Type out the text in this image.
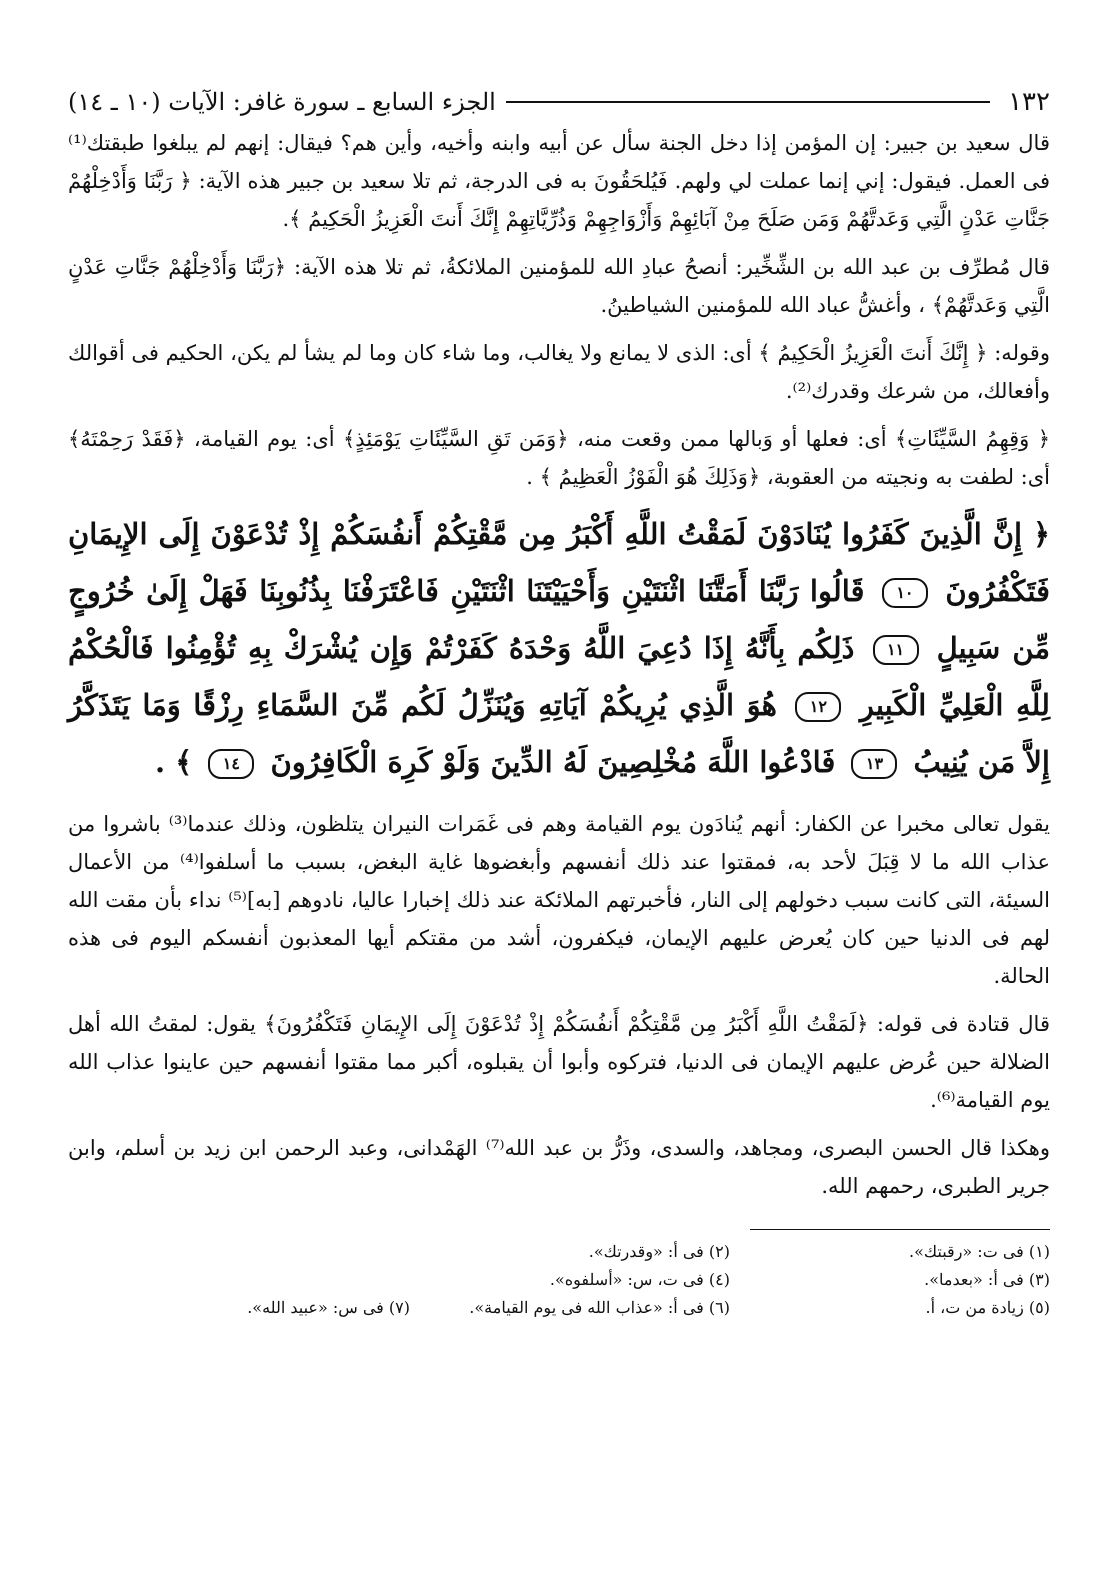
١٣٢
الجزء السابع ـ سورة غافر: الآيات (١٠ ـ ١٤)

قال سعيد بن جبير: إن المؤمن إذا دخل الجنة سأل عن أبيه وابنه وأخيه، وأين هم؟ فيقال: إنهم لم يبلغوا طبقتك⁽¹⁾ فى العمل. فيقول: إني إنما عملت لي ولهم. فَيُلحَقُونَ به فى الدرجة، ثم تلا سعيد بن جبير هذه الآية: ﴿ رَبَّنَا وَأَدْخِلْهُمْ جَنَّاتِ عَدْنٍ الَّتِي وَعَدتَّهُمْ وَمَن صَلَحَ مِنْ آبَائِهِمْ وَأَزْوَاجِهِمْ وَذُرِّيَّاتِهِمْ إِنَّكَ أَنتَ الْعَزِيزُ الْحَكِيمُ ﴾.

قال مُطرِّف بن عبد الله بن الشِّخِّير: أنصحُ عبادِ الله للمؤمنين الملائكةُ، ثم تلا هذه الآية: ﴿رَبَّنَا وَأَدْخِلْهُمْ جَنَّاتِ عَدْنٍ الَّتِي وَعَدتَّهُمْ﴾ ، وأغشُّ عباد الله للمؤمنين الشياطينُ.

وقوله: ﴿ إِنَّكَ أَنتَ الْعَزِيزُ الْحَكِيمُ ﴾ أى: الذى لا يمانع ولا يغالب، وما شاء كان وما لم يشأ لم يكن، الحكيم فى أقوالك وأفعالك، من شرعك وقدرك⁽²⁾.

﴿ وَقِهِمُ السَّيِّئَاتِ﴾ أى: فعلها أو وَبالها ممن وقعت منه، ﴿وَمَن تَقِ السَّيِّئَاتِ يَوْمَئِذٍ﴾ أى: يوم القيامة، ﴿فَقَدْ رَحِمْتَهُ﴾ أى: لطفت به ونجيته من العقوبة، ﴿وَذَلِكَ هُوَ الْفَوْزُ الْعَظِيمُ ﴾ .

﴿ إِنَّ الَّذِينَ كَفَرُوا يُنَادَوْنَ لَمَقْتُ اللَّهِ أَكْبَرُ مِن مَّقْتِكُمْ أَنفُسَكُمْ إِذْ تُدْعَوْنَ إِلَى الإِيمَانِ فَتَكْفُرُونَ ١٠ قَالُوا رَبَّنَا أَمَتَّنَا اثْنَتَيْنِ وَأَحْيَيْتَنَا اثْنَتَيْنِ فَاعْتَرَفْنَا بِذُنُوبِنَا فَهَلْ إِلَىٰ خُرُوجٍ مِّن سَبِيلٍ ١١ ذَلِكُم بِأَنَّهُ إِذَا دُعِيَ اللَّهُ وَحْدَهُ كَفَرْتُمْ وَإِن يُشْرَكْ بِهِ تُؤْمِنُوا فَالْحُكْمُ لِلَّهِ الْعَلِيِّ الْكَبِيرِ ١٢ هُوَ الَّذِي يُرِيكُمْ آيَاتِهِ وَيُنَزِّلُ لَكُم مِّنَ السَّمَاءِ رِزْقًا وَمَا يَتَذَكَّرُ إِلاَّ مَن يُنِيبُ ١٣ فَادْعُوا اللَّهَ مُخْلِصِينَ لَهُ الدِّينَ وَلَوْ كَرِهَ الْكَافِرُونَ ١٤ ﴾ .

يقول تعالى مخبرا عن الكفار: أنهم يُنادَون يوم القيامة وهم فى غَمَرات النيران يتلظون، وذلك عندما⁽³⁾ باشروا من عذاب الله ما لا قِبَلَ لأحد به، فمقتوا عند ذلك أنفسهم وأبغضوها غاية البغض، بسبب ما أسلفوا⁽⁴⁾ من الأعمال السيئة، التى كانت سبب دخولهم إلى النار، فأخبرتهم الملائكة عند ذلك إخبارا عاليا، نادوهم [به]⁽⁵⁾ نداء بأن مقت الله لهم فى الدنيا حين كان يُعرض عليهم الإيمان، فيكفرون، أشد من مقتكم أيها المعذبون أنفسكم اليوم فى هذه الحالة.

قال قتادة فى قوله: ﴿لَمَقْتُ اللَّهِ أَكْبَرُ مِن مَّقْتِكُمْ أَنفُسَكُمْ إِذْ تُدْعَوْنَ إِلَى الإِيمَانِ فَتَكْفُرُونَ﴾ يقول: لمقتُ الله أهل الضلالة حين عُرض عليهم الإيمان فى الدنيا، فتركوه وأبوا أن يقبلوه، أكبر مما مقتوا أنفسهم حين عاينوا عذاب الله يوم القيامة⁽⁶⁾.

وهكذا قال الحسن البصرى، ومجاهد، والسدى، وذَرُّ بن عبد الله⁽⁷⁾ الهَمْدانى، وعبد الرحمن ابن زيد بن أسلم، وابن جرير الطبرى، رحمهم الله.

(١) فى ت: «رقبتك».
(٢) فى أ: «وقدرتك».
(٣) فى أ: «بعدما».
(٤) فى ت، س: «أسلفوه».
(٥) زيادة من ت، أ.
(٦) فى أ: «عذاب الله فى يوم القيامة».
(٧) فى س: «عبيد الله».
